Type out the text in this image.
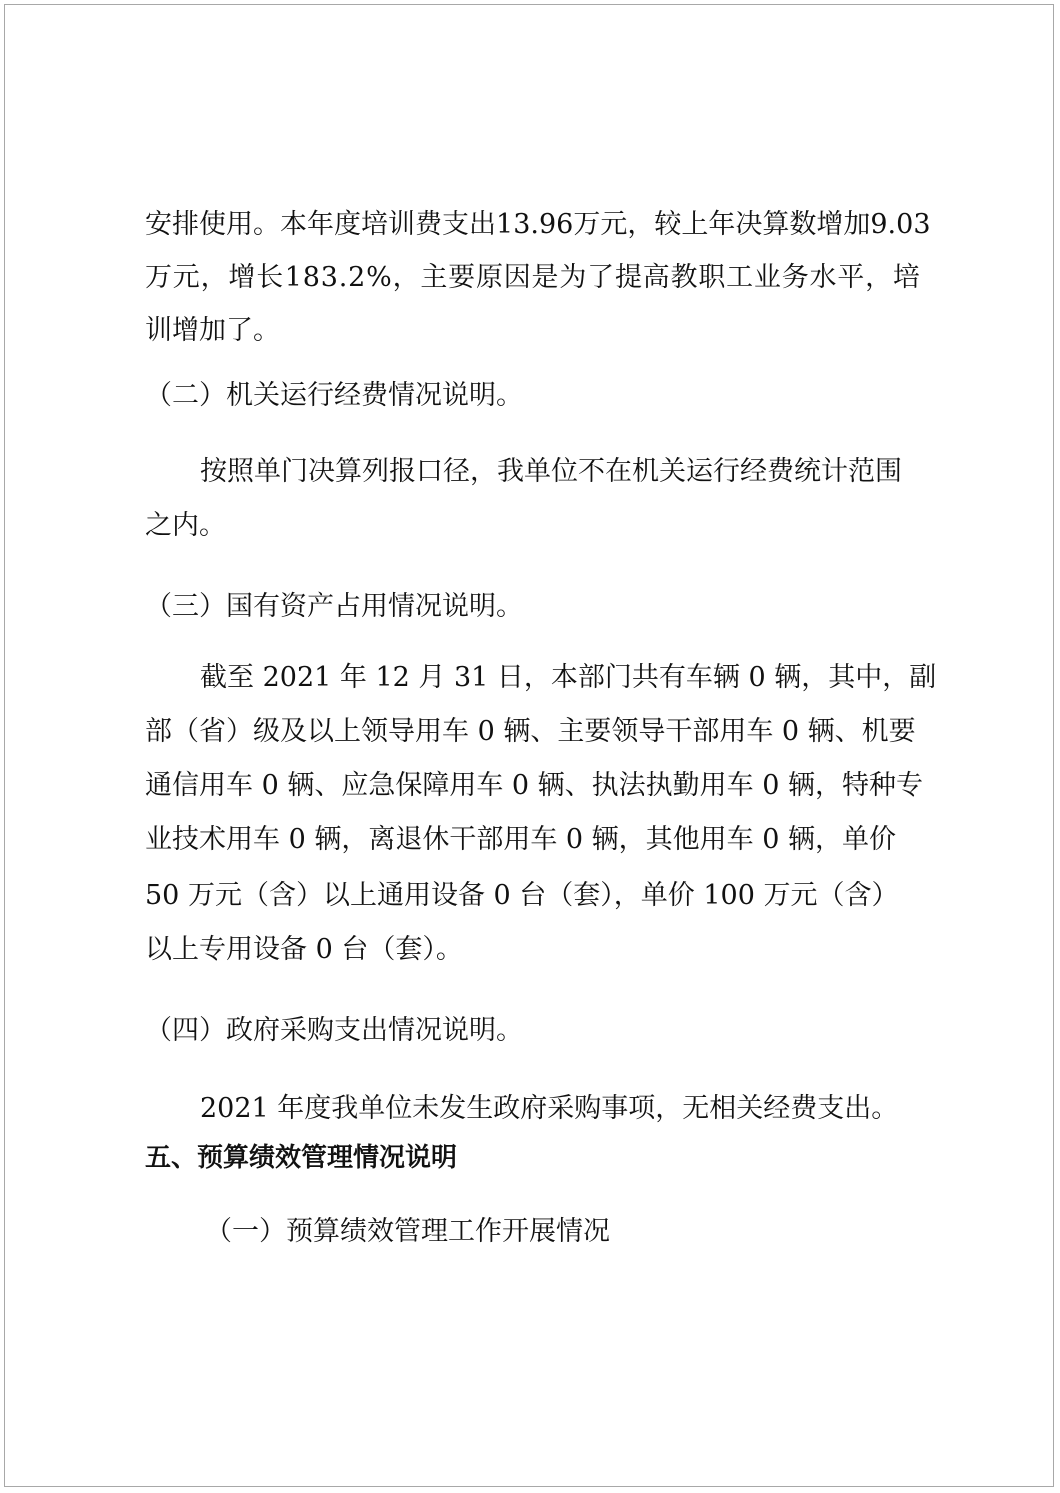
安 排 使 用 。 本 年 度 培 训 费 支 出 1 3 . 9 6 万 元 ， 较 上 年 决 算 数 增 加 9 . 0 3
万 元 ， 增 长 1 8 3 . 2 % ， 主 要 原 因 是 为 了 提 高 教 职 工 业 务 水 平 ， 培
训增加了。
（二）机关运行经费情况说明。
按照单门决算列报口径，我单位不在机关运行经费统计范围
之内。
（三）国有资产占用情况说明。
截至 2021 年 12 月 31 日，本部门共有车辆 0 辆，其中，副
部（省）级及以上领导用车 0 辆、主要领导干部用车 0 辆、机要
通信用车 0 辆、应急保障用车 0 辆、执法执勤用车 0 辆，特种专
业技术用车 0 辆，离退休干部用车 0 辆，其他用车 0 辆，单价
50 万元（含）以上通用设备 0 台（套），单价 100 万元（含）
以上专用设备 0 台（套）。
（四）政府采购支出情况说明。
2021 年度我单位未发生政府采购事项，无相关经费支出。
五、预算绩效管理情况说明
（一）预算绩效管理工作开展情况
